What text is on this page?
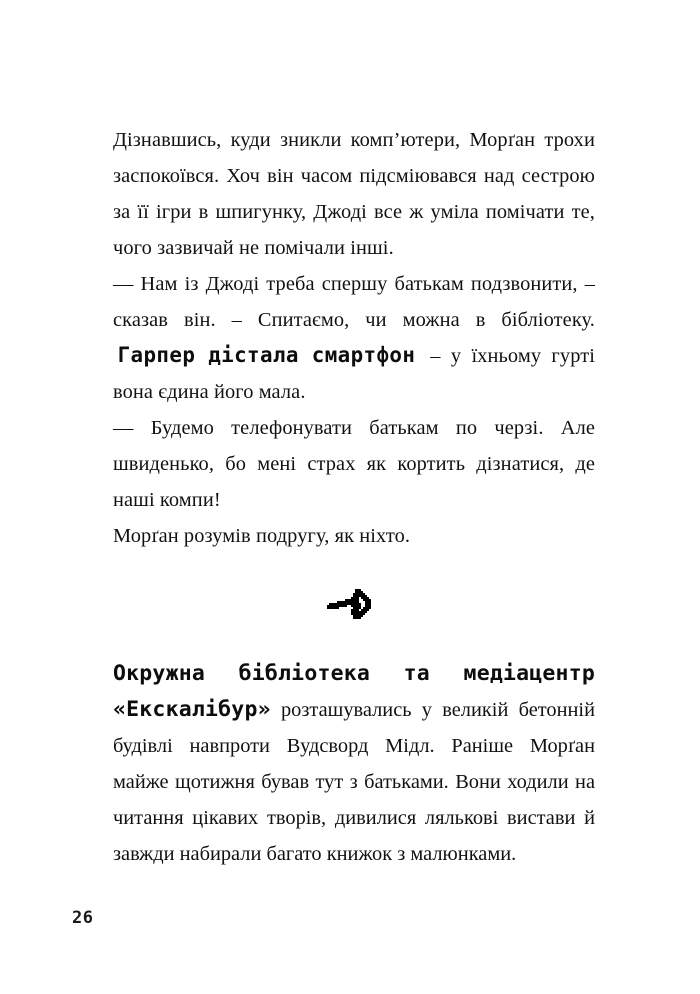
Дізнавшись, куди зникли комп’ютери, Морґан трохи заспокоївся. Хоч він часом підсміювався над сестрою за її ігри в шпигунку, Джоді все ж уміла помічати те, чого зазвичай не помічали інші.

— Нам із Джоді треба спершу батькам подзвонити, – сказав він. – Спитаємо, чи можна в бібліотеку. Гарпер дістала смартфон – у їхньому гурті вона єдина його мала.

— Будемо телефонувати батькам по черзі. Але швиденько, бо мені страх як кортить дізнатися, де наші компи!

Морґан розумів подругу, як ніхто.

Окружна бібліотека та медіацентр «Екскалібур» розташувались у великій бетонній будівлі навпроти Вудсворд Мідл. Раніше Морґан майже щотижня бував тут з батьками. Вони ходили на читання цікавих творів, дивилися лялькові вистави й завжди набирали багато книжок з малюнками.

26
